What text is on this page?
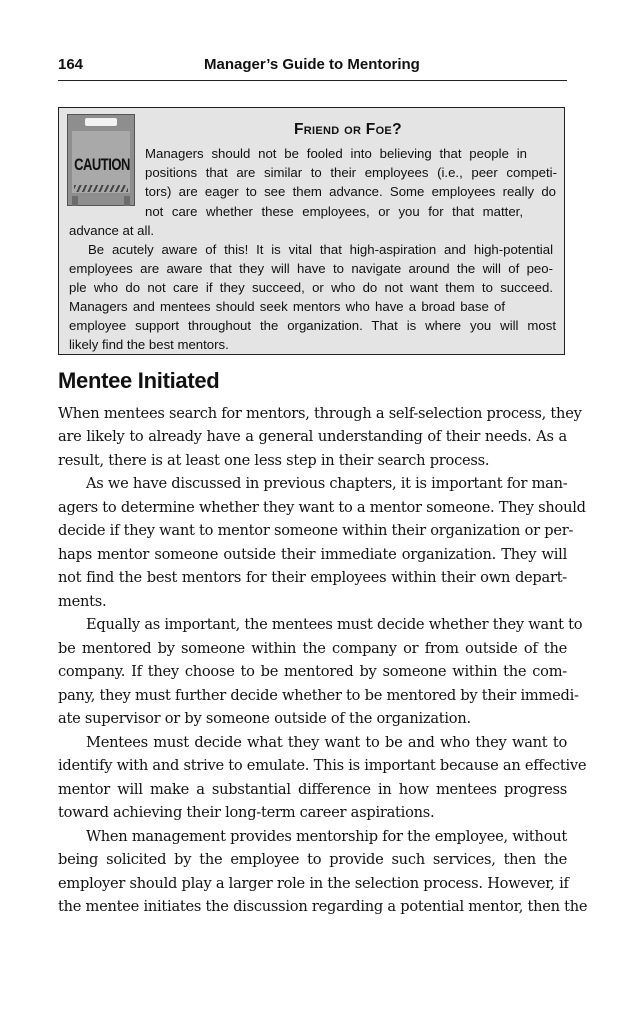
164	Manager’s Guide to Mentoring
CAUTION
Friend or Foe?
Managers should not be fooled into believing that people in
positions that are similar to their employees (i.e., peer competi-
tors) are eager to see them advance. Some employees really do
not care whether these employees, or you for that matter,
advance at all.
Be acutely aware of this! It is vital that high-aspiration and high-potential
employees are aware that they will have to navigate around the will of peo-
ple who do not care if they succeed, or who do not want them to succeed.
Managers and mentees should seek mentors who have a broad base of
employee support throughout the organization. That is where you will most
likely find the best mentors.
Mentee Initiated
When mentees search for mentors, through a self-selection process, they
are likely to already have a general understanding of their needs. As a
result, there is at least one less step in their search process.
As we have discussed in previous chapters, it is important for man-
agers to determine whether they want to a mentor someone. They should
decide if they want to mentor someone within their organization or per-
haps mentor someone outside their immediate organization. They will
not find the best mentors for their employees within their own depart-
ments.
Equally as important, the mentees must decide whether they want to
be mentored by someone within the company or from outside of the
company. If they choose to be mentored by someone within the com-
pany, they must further decide whether to be mentored by their immedi-
ate supervisor or by someone outside of the organization.
Mentees must decide what they want to be and who they want to
identify with and strive to emulate. This is important because an effective
mentor will make a substantial difference in how mentees progress
toward achieving their long-term career aspirations.
When management provides mentorship for the employee, without
being solicited by the employee to provide such services, then the
employer should play a larger role in the selection process. However, if
the mentee initiates the discussion regarding a potential mentor, then the
